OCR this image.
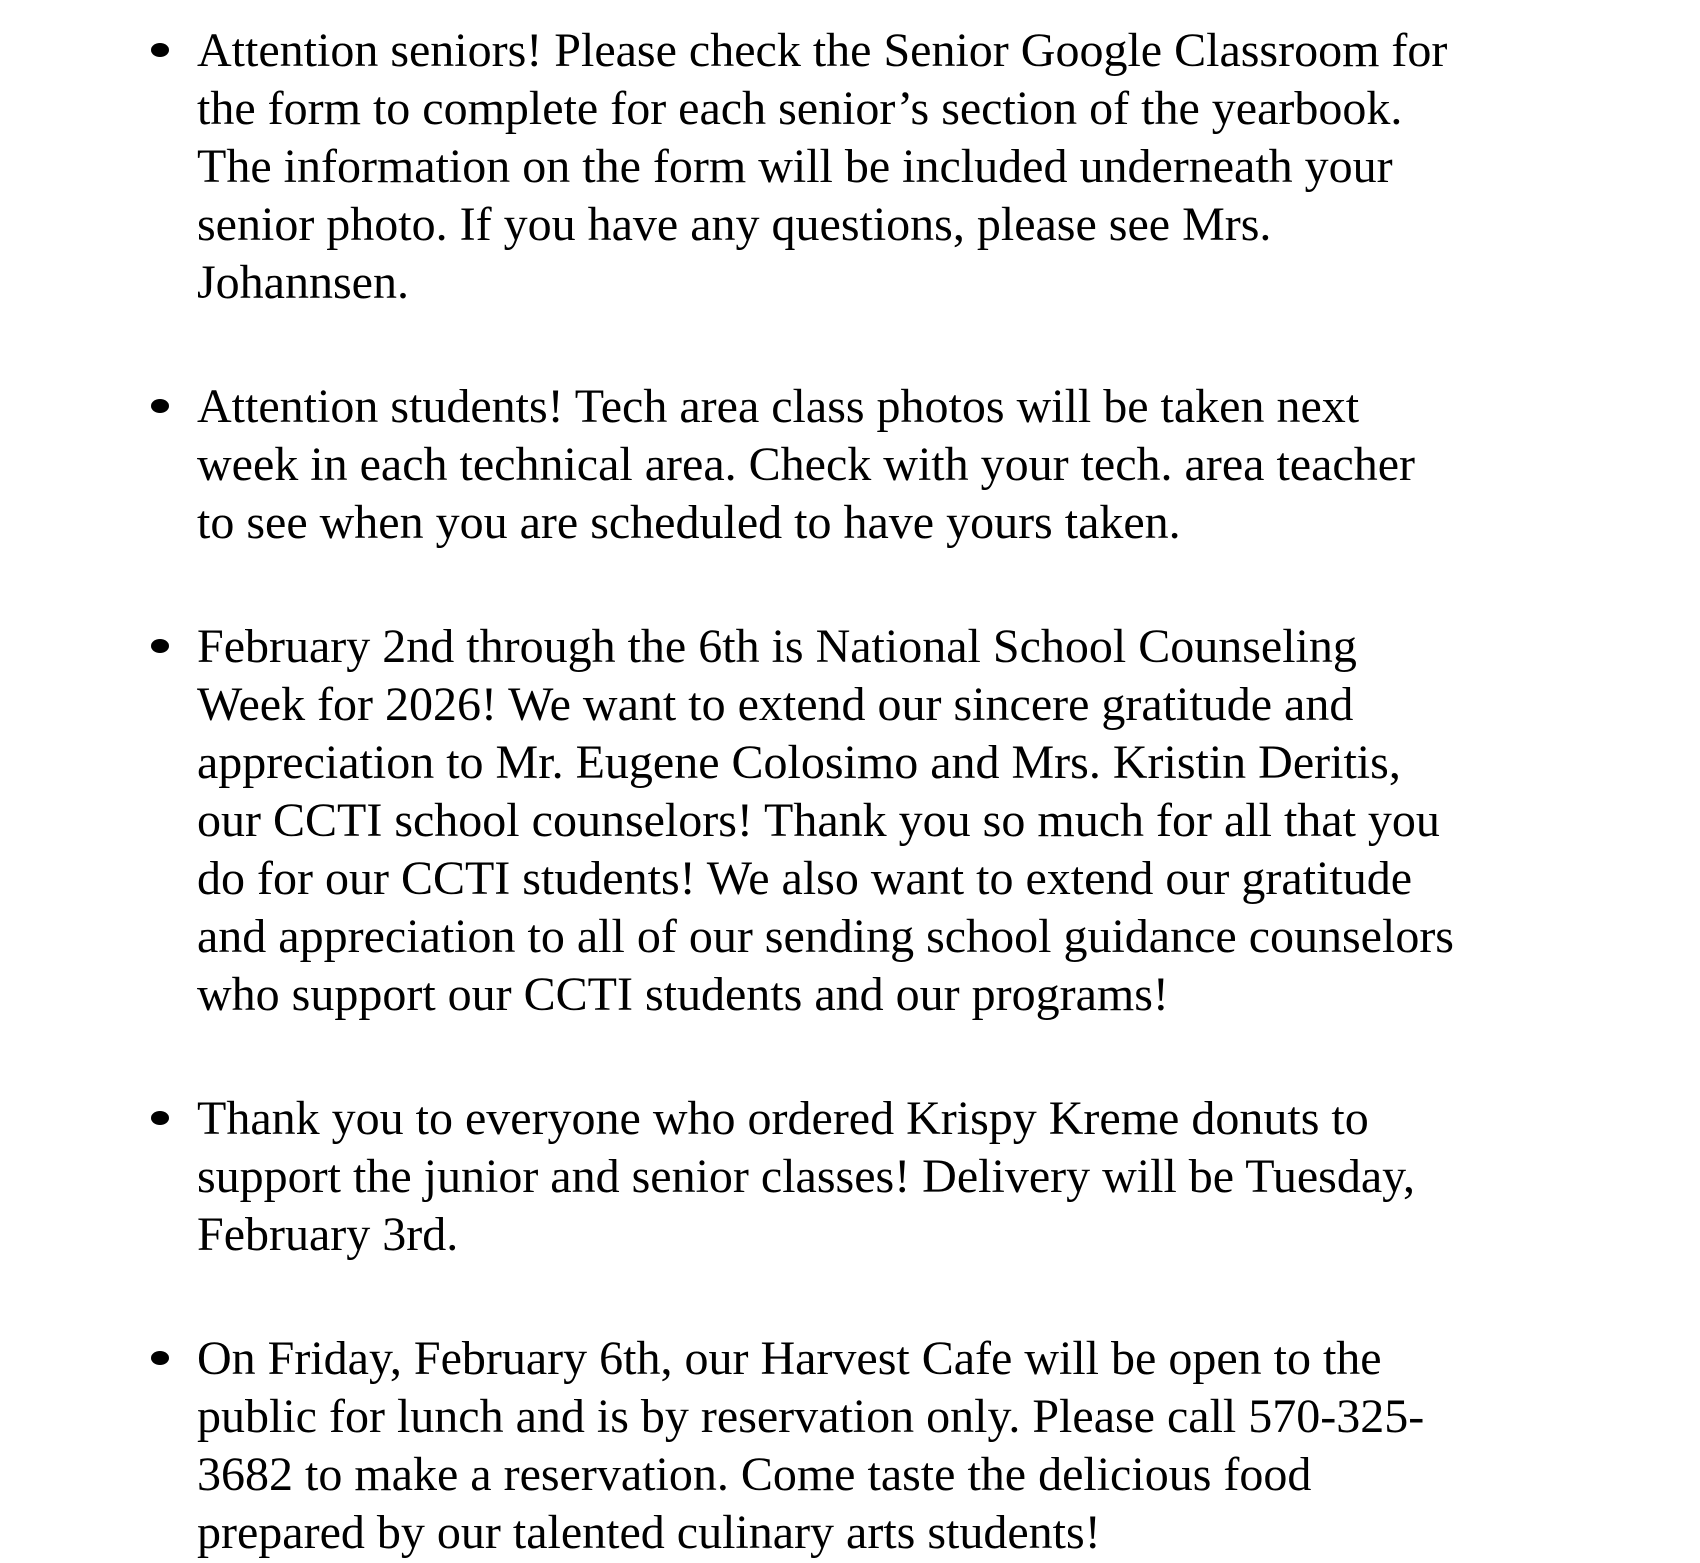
Attention seniors! Please check the Senior Google Classroom for
the form to complete for each senior’s section of the yearbook.
The information on the form will be included underneath your
senior photo. If you have any questions, please see Mrs.
Johannsen.
Attention students! Tech area class photos will be taken next
week in each technical area. Check with your tech. area teacher
to see when you are scheduled to have yours taken.
February 2nd through the 6th is National School Counseling
Week for 2026! We want to extend our sincere gratitude and
appreciation to Mr. Eugene Colosimo and Mrs. Kristin Deritis,
our CCTI school counselors! Thank you so much for all that you
do for our CCTI students! We also want to extend our gratitude
and appreciation to all of our sending school guidance counselors
who support our CCTI students and our programs!
Thank you to everyone who ordered Krispy Kreme donuts to
support the junior and senior classes! Delivery will be Tuesday,
February 3rd.
On Friday, February 6th, our Harvest Cafe will be open to the
public for lunch and is by reservation only. Please call 570-325-
3682 to make a reservation. Come taste the delicious food
prepared by our talented culinary arts students!
